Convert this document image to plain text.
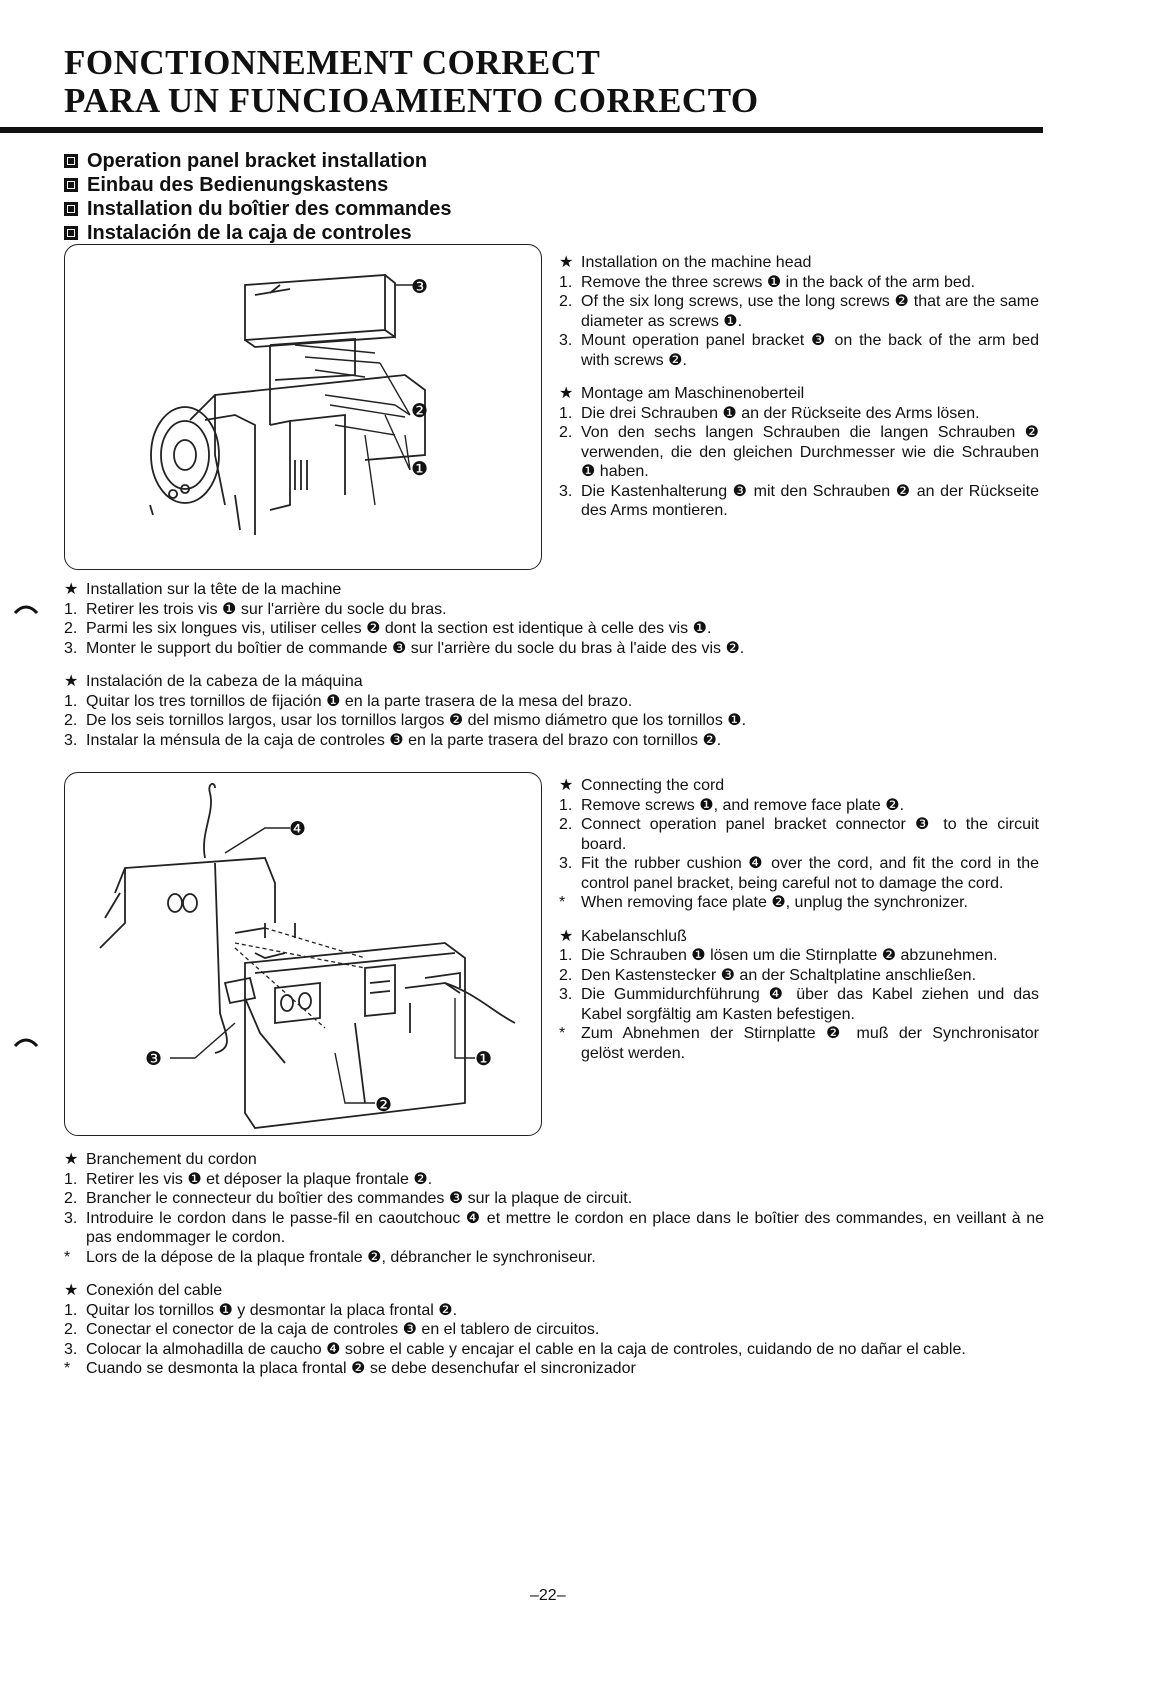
FONCTIONNEMENT CORRECT
PARA UN FUNCIOAMIENTO CORRECTO
Operation panel bracket installation
Einbau des Bedienungskastens
Installation du boîtier des commandes
Instalación de la caja de controles
❸
❷
❶
★ Installation on the machine head
1. Remove the three screws ❶ in the back of the arm bed.
2. Of the six long screws, use the long screws ❷ that are the same diameter as screws ❶.
3. Mount operation panel bracket ❸ on the back of the arm bed with screws ❷.
★ Montage am Maschinenoberteil
1. Die drei Schrauben ❶ an der Rückseite des Arms lösen.
2. Von den sechs langen Schrauben die langen Schrauben ❷ verwenden, die den gleichen Durchmesser wie die Schrauben ❶ haben.
3. Die Kastenhalterung ❸ mit den Schrauben ❷ an der Rückseite des Arms montieren.
★ Installation sur la tête de la machine
1. Retirer les trois vis ❶ sur l'arrière du socle du bras.
2. Parmi les six longues vis, utiliser celles ❷ dont la section est identique à celle des vis ❶.
3. Monter le support du boîtier de commande ❸ sur l'arrière du socle du bras à l'aide des vis ❷.
★ Instalación de la cabeza de la máquina
1. Quitar los tres tornillos de fijación ❶ en la parte trasera de la mesa del brazo.
2. De los seis tornillos largos, usar los tornillos largos ❷ del mismo diámetro que los tornillos ❶.
3. Instalar la ménsula de la caja de controles ❸ en la parte trasera del brazo con tornillos ❷.
❹
❸	❶
❷
★ Connecting the cord
1. Remove screws ❶, and remove face plate ❷.
2. Connect operation panel bracket connector ❸ to the circuit board.
3. Fit the rubber cushion ❹ over the cord, and fit the cord in the control panel bracket, being careful not to damage the cord.
* When removing face plate ❷, unplug the synchronizer.
★ Kabelanschluß
1. Die Schrauben ❶ lösen um die Stirnplatte ❷ abzunehmen.
2. Den Kastenstecker ❸ an der Schaltplatine anschließen.
3. Die Gummidurchführung ❹ über das Kabel ziehen und das Kabel sorgfältig am Kasten befestigen.
* Zum Abnehmen der Stirnplatte ❷ muß der Synchronisator gelöst werden.
★ Branchement du cordon
1. Retirer les vis ❶ et déposer la plaque frontale ❷.
2. Brancher le connecteur du boîtier des commandes ❸ sur la plaque de circuit.
3. Introduire le cordon dans le passe-fil en caoutchouc ❹ et mettre le cordon en place dans le boîtier des commandes, en veillant à ne pas endommager le cordon.
* Lors de la dépose de la plaque frontale ❷, débrancher le synchroniseur.
★ Conexión del cable
1. Quitar los tornillos ❶ y desmontar la placa frontal ❷.
2. Conectar el conector de la caja de controles ❸ en el tablero de circuitos.
3. Colocar la almohadilla de caucho ❹ sobre el cable y encajar el cable en la caja de controles, cuidando de no dañar el cable.
* Cuando se desmonta la placa frontal ❷ se debe desenchufar el sincronizador
–22–
